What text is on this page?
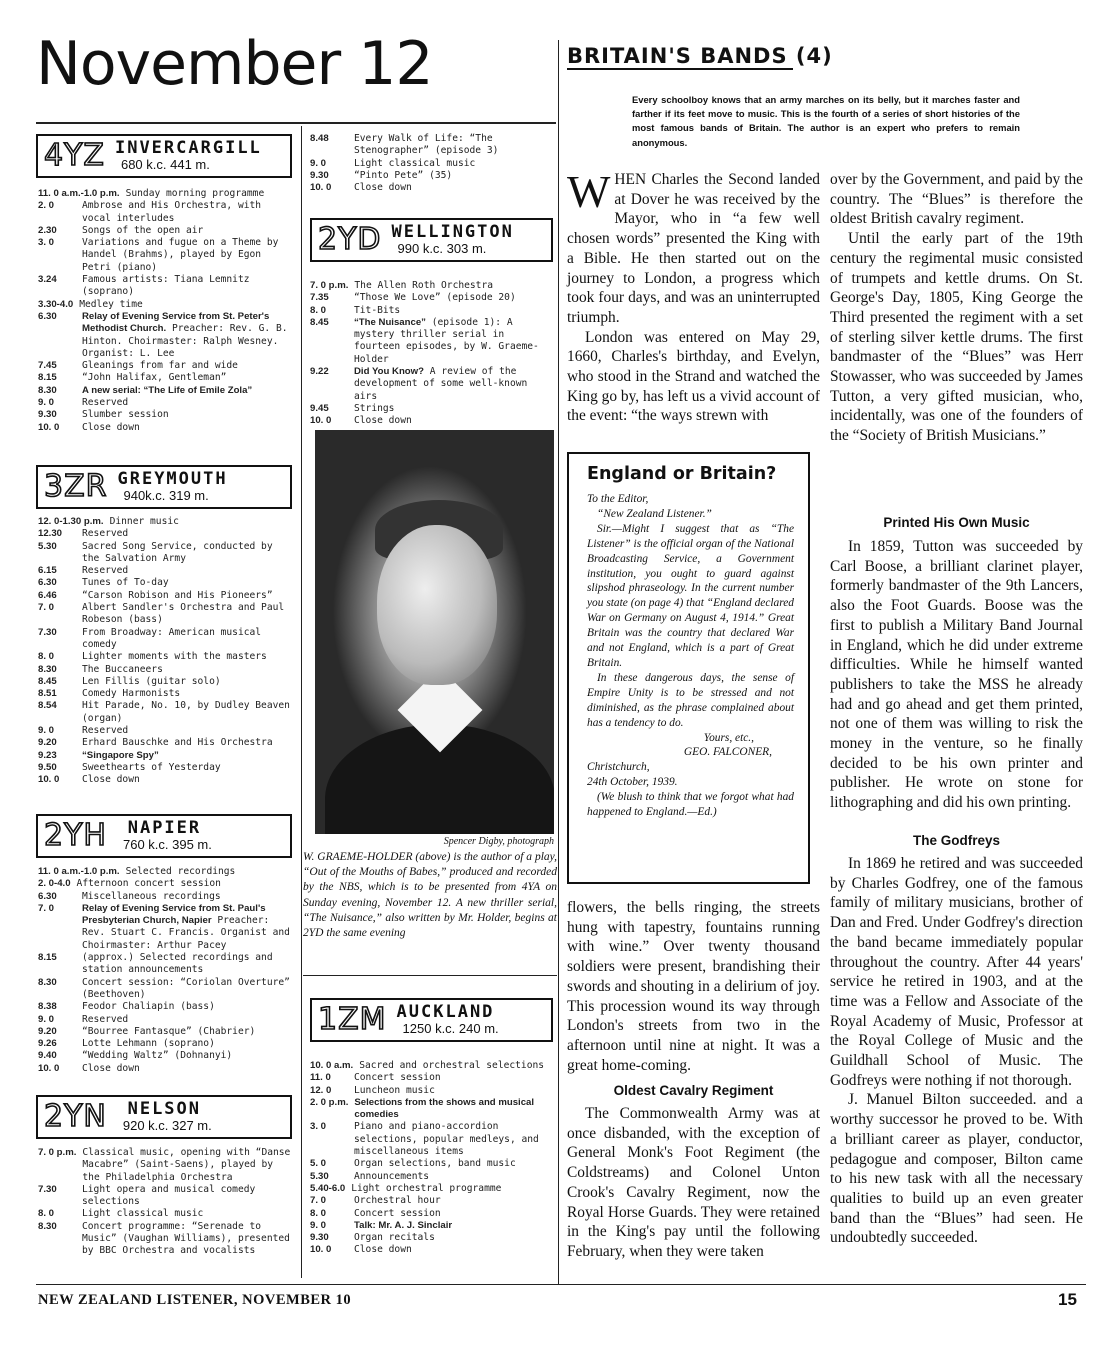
November 12
4YZ INVERCARGILL
680 k.c. 441 m.
11. 0 a.m.-1.0 p.m. Sunday morning programme
2. 0	Ambrose and His Orchestra, with vocal interludes
2.30	Songs of the open air
3. 0	Variations and fugue on a Theme by Handel (Brahms), played by Egon Petri (piano)
3.24	Famous artists: Tiana Lemnitz (soprano)
3.30-4.0 Medley time
6.30	Relay of Evening Service from St. Peter's Methodist Church. Preacher: Rev. G. B. Hinton. Choirmaster: Ralph Wesney. Organist: L. Lee
7.45	Gleanings from far and wide
8.15	“John Halifax, Gentleman”
8.30	A new serial: “The Life of Emile Zola”
9. 0	Reserved
9.30	Slumber session
10. 0	Close down
3ZR GREYMOUTH
940k.c. 319 m.
12. 0-1.30 p.m. Dinner music
12.30	Reserved
5.30	Sacred Song Service, conducted by the Salvation Army
6.15	Reserved
6.30	Tunes of To-day
6.46	“Carson Robison and His Pioneers”
7. 0	Albert Sandler's Orchestra and Paul Robeson (bass)
7.30	From Broadway: American musical comedy
8. 0	Lighter moments with the masters
8.30	The Buccaneers
8.45	Len Fillis (guitar solo)
8.51	Comedy Harmonists
8.54	Hit Parade, No. 10, by Dudley Beaven (organ)
9. 0	Reserved
9.20	Erhard Bauschke and His Orchestra
9.23	“Singapore Spy”
9.50	Sweethearts of Yesterday
10. 0	Close down
2YH NAPIER
760 k.c. 395 m.
11. 0 a.m.-1.0 p.m. Selected recordings
2. 0-4.0 Afternoon concert session
6.30	Miscellaneous recordings
7. 0	Relay of Evening Service from St. Paul's Presbyterian Church, Napier Preacher: Rev. Stuart C. Francis. Organist and Choirmaster: Arthur Pacey
8.15	(approx.) Selected recordings and station announcements
8.30	Concert session: “Coriolan Overture” (Beethoven)
8.38	Feodor Chaliapin (bass)
9. 0	Reserved
9.20	“Bourree Fantasque” (Chabrier)
9.26	Lotte Lehmann (soprano)
9.40	“Wedding Waltz” (Dohnanyi)
10. 0	Close down
2YN NELSON
920 k.c. 327 m.
7. 0 p.m. Classical music, opening with “Danse Macabre” (Saint-Saens), played by the Philadelphia Orchestra
7.30	Light opera and musical comedy selections
8. 0	Light classical music
8.30	Concert programme: “Serenade to Music” (Vaughan Williams), presented by BBC Orchestra and vocalists
8.48	Every Walk of Life: “The Stenographer” (episode 3)
9. 0	Light classical music
9.30	“Pinto Pete” (35)
10. 0	Close down
2YD WELLINGTON
990 k.c. 303 m.
7. 0 p.m. The Allen Roth Orchestra
7.35	“Those We Love” (episode 20)
8. 0	Tit-Bits
8.45	“The Nuisance” (episode 1): A mystery thriller serial in fourteen episodes, by W. Graeme-Holder
9.22	Did You Know? A review of the development of some well-known airs
9.45	Strings
10. 0	Close down
Spencer Digby, photograph
W. GRAEME-HOLDER (above) is the author of a play, “Out of the Mouths of Babes,” produced and recorded by the NBS, which is to be presented from 4YA on Sunday evening, November 12. A new thriller serial, “The Nuisance,” also written by Mr. Holder, begins at 2YD the same evening
1ZM AUCKLAND
1250 k.c. 240 m.
10. 0 a.m. Sacred and orchestral selections
11. 0	Concert session
12. 0	Luncheon music
2. 0 p.m. Selections from the shows and musical comedies
3. 0	Piano and piano-accordion selections, popular medleys, and miscellaneous items
5. 0	Organ selections, band music
5.30	Announcements
5.40-6.0 Light orchestral programme
7. 0	Orchestral hour
8. 0	Concert session
9. 0	Talk: Mr. A. J. Sinclair
9.30	Organ recitals
10. 0	Close down
BRITAIN'S BANDS (4)
Every schoolboy knows that an army marches on its belly, but it marches faster and farther if its feet move to music. This is the fourth of a series of short histories of the most famous bands of Britain. The author is an expert who prefers to remain anonymous.

WHEN Charles the Second landed at Dover he was received by the Mayor, who in “a few well chosen words” presented the King with a Bible. He then started out on the journey to London, a progress which took four days, and was an uninterrupted triumph.

London was entered on May 29, 1660, Charles's birthday, and Evelyn, who stood in the Strand and watched the King go by, has left us a vivid account of the event: “the ways strewn with

England or Britain?
To the Editor,
“New Zealand Listener.”
Sir.—Might I suggest that as “The Listener” is the official organ of the National Broadcasting Service, a Government institution, you ought to guard against slipshod phraseology. In the current number you state (on page 4) that “England declared War on Germany on August 4, 1914.” Great Britain was the country that declared War and not England, which is a part of Great Britain.
In these dangerous days, the sense of Empire Unity is to be stressed and not diminished, as the phrase complained about has a tendency to do.
Yours, etc.,
GEO. FALCONER,
Christchurch,
24th October, 1939.
(We blush to think that we forgot what had happened to England.—Ed.)

flowers, the bells ringing, the streets hung with tapestry, fountains running with wine.” Over twenty thousand soldiers were present, brandishing their swords and shouting in a delirium of joy. This procession wound its way through London's streets from two in the afternoon until nine at night. It was a great home-coming.

Oldest Cavalry Regiment

The Commonwealth Army was at once disbanded, with the exception of General Monk's Foot Regiment (the Coldstreams) and Colonel Unton Crook's Cavalry Regiment, now the Royal Horse Guards. They were retained in the King's pay until the following February, when they were taken

over by the Government, and paid by the country. The “Blues” is therefore the oldest British cavalry regiment.

Until the early part of the 19th century the regimental music consisted of trumpets and kettle drums. On St. George's Day, 1805, King George the Third presented the regiment with a set of sterling silver kettle drums. The first bandmaster of the “Blues” was Herr Stowasser, who was succeeded by James Tutton, a very gifted musician, who, incidentally, was one of the founders of the “Society of British Musicians.”

Printed His Own Music

In 1859, Tutton was succeeded by Carl Boose, a brilliant clarinet player, formerly bandmaster of the 9th Lancers, also the Foot Guards. Boose was the first to publish a Military Band Journal in England, which he did under extreme difficulties. While he himself wanted publishers to take the MSS he already had and go ahead and get them printed, not one of them was willing to risk the money in the venture, so he finally decided to be his own printer and publisher. He wrote on stone for lithographing and did his own printing.

The Godfreys

In 1869 he retired and was succeeded by Charles Godfrey, one of the famous family of military musicians, brother of Dan and Fred. Under Godfrey's direction the band became immediately popular throughout the country. After 44 years' service he retired in 1903, and at the time was a Fellow and Associate of the Royal Academy of Music, Professor at the Royal College of Music and the Guildhall School of Music. The Godfreys were nothing if not thorough.

J. Manuel Bilton succeeded. and a worthy successor he proved to be. With a brilliant career as player, conductor, pedagogue and composer, Bilton came to his new task with all the necessary qualities to build up an even greater band than the “Blues” had seen. He undoubtedly succeeded.

NEW ZEALAND LISTENER, NOVEMBER 10	15
